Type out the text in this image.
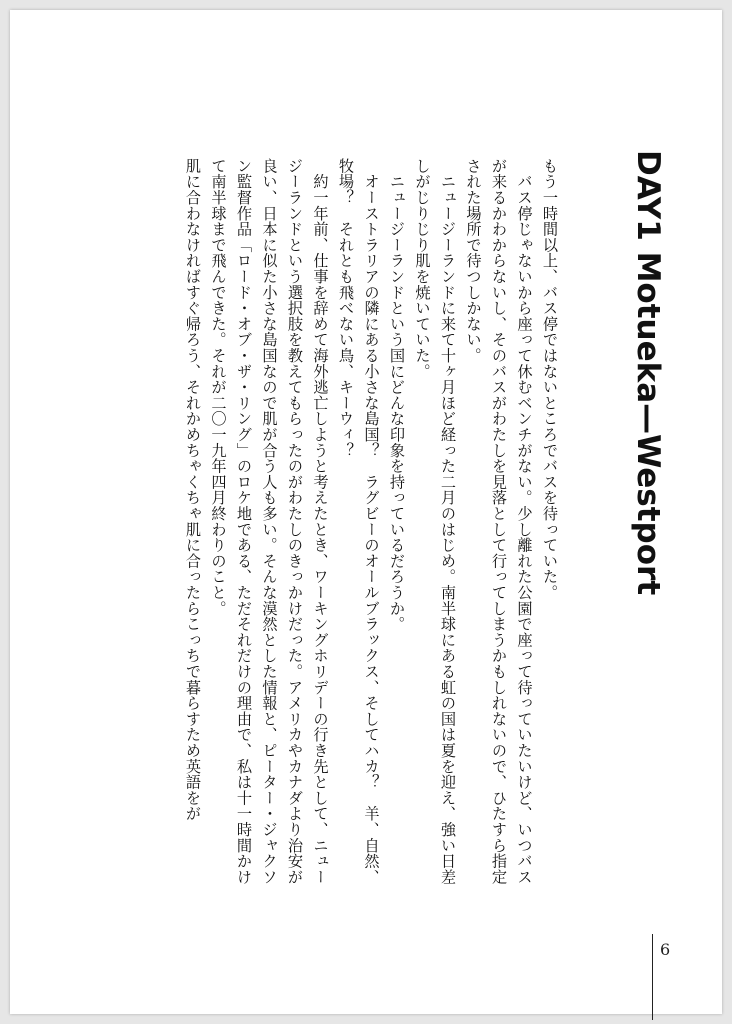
DAY1 Motueka—Westport

もう一時間以上、バス停ではないところでバスを待っていた。

　バス停じゃないから座って休むベンチがない。少し離れた公園で座って待っていたいけど、いつバスが来るかわからないし、そのバスがわたしを見落として行ってしまうかもしれないので、ひたすら指定された場所で待つしかない。

　ニュージーランドに来て十ヶ月ほど経った二月のはじめ。南半球にある虹の国は夏を迎え、強い日差しがじりじり肌を焼いていた。

　ニュージーランドという国にどんな印象を持っているだろうか。

　オーストラリアの隣にある小さな島国？　ラグビーのオールブラックス、そしてハカ？　羊、自然、牧場？　それとも飛べない鳥、キーウィ？

　約一年前、仕事を辞めて海外逃亡しようと考えたとき、ワーキングホリデーの行き先として、ニュージーランドという選択肢を教えてもらったのがわたしのきっかけだった。アメリカやカナダより治安が良い、日本に似た小さな島国なので肌が合う人も多い。そんな漠然とした情報と、ピーター・ジャクソン監督作品「ロード・オブ・ザ・リング」のロケ地である、ただそれだけの理由で、私は十一時間かけて南半球まで飛んできた。それが二〇一九年四月終わりのこと。

肌に合わなければすぐ帰ろう、それかめちゃくちゃ肌に合ったらこっちで暮らすため英語をが

6
